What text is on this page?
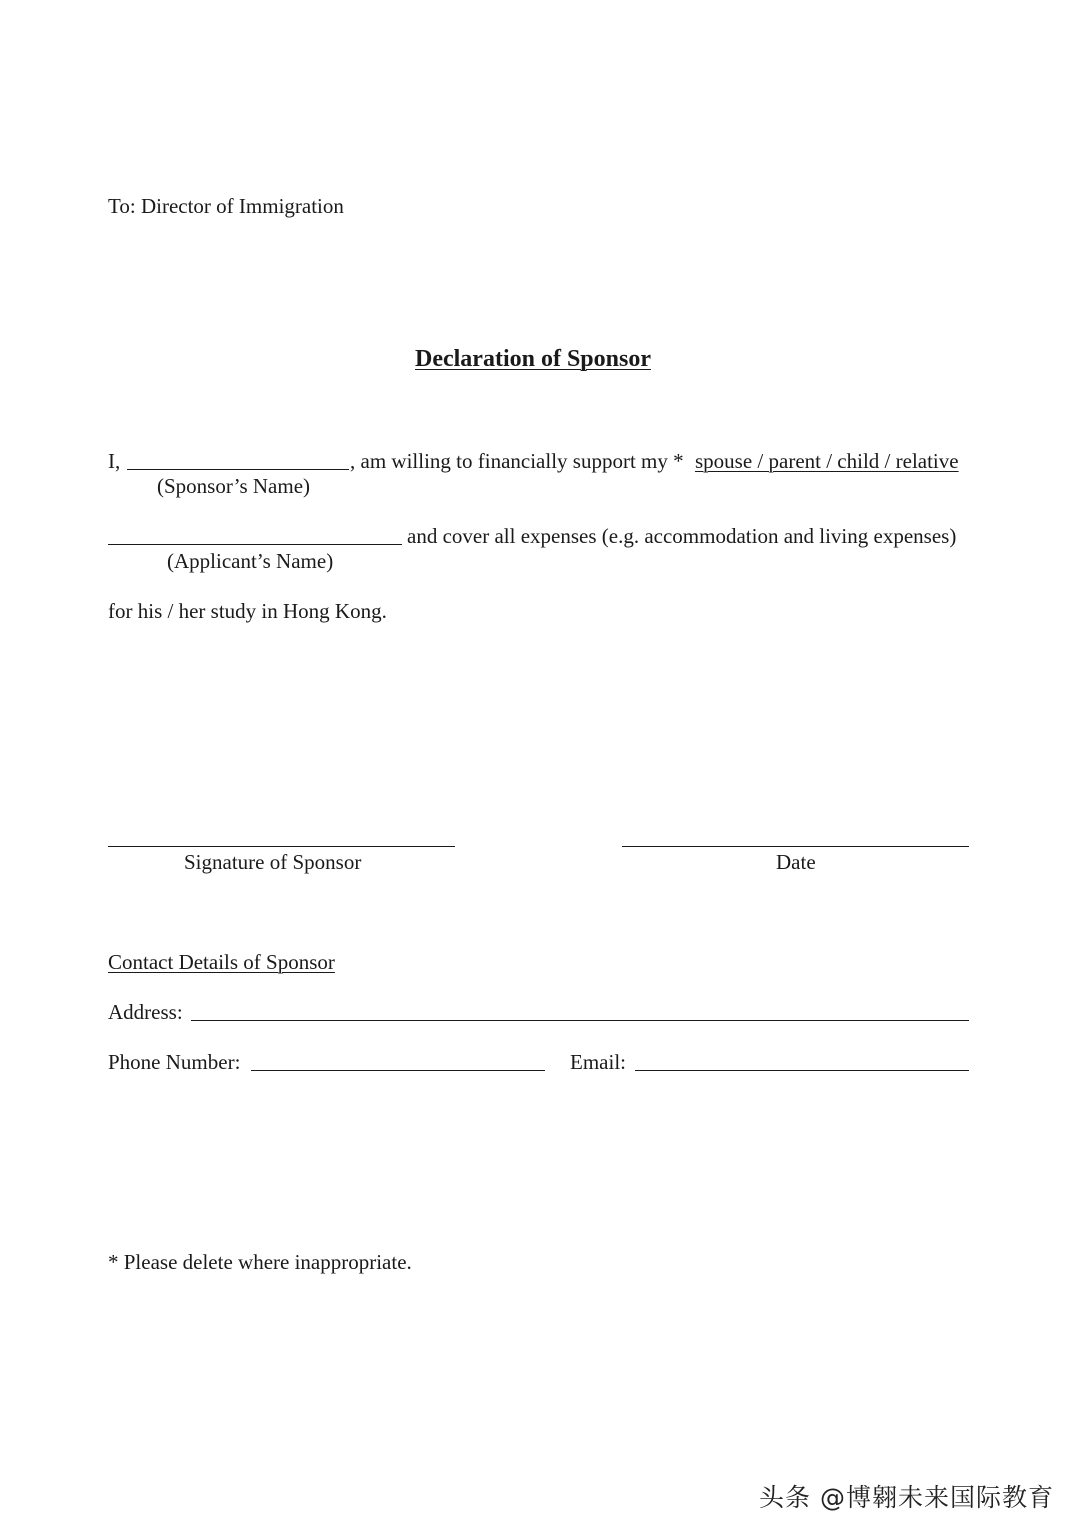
To: Director of Immigration
Declaration of Sponsor
I,	, am willing to financially support my * spouse / parent / child / relative
(Sponsor’s Name)
and cover all expenses (e.g. accommodation and living expenses)
(Applicant’s Name)
for his / her study in Hong Kong.
Signature of Sponsor	Date
Contact Details of Sponsor
Address:
Phone Number:	Email:
* Please delete where inappropriate.
头条 @博翱未来国际教育
